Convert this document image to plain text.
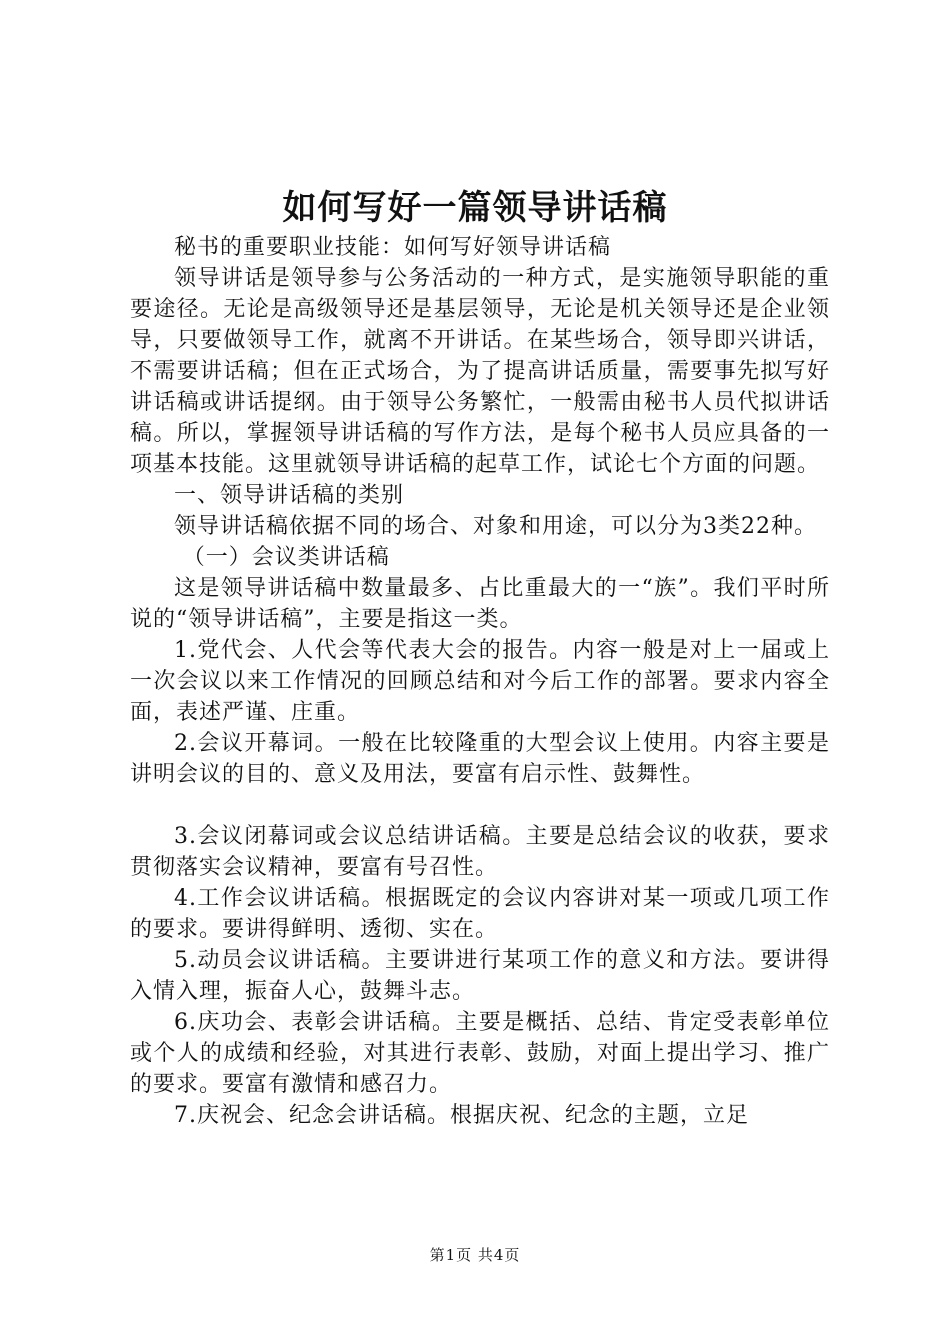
如何写好一篇领导讲话稿

秘书的重要职业技能：如何写好领导讲话稿

领导讲话是领导参与公务活动的一种方式，是实施领导职能的重要途径。无论是高级领导还是基层领导，无论是机关领导还是企业领导，只要做领导工作，就离不开讲话。在某些场合，领导即兴讲话，不需要讲话稿；但在正式场合，为了提高讲话质量，需要事先拟写好讲话稿或讲话提纲。由于领导公务繁忙，一般需由秘书人员代拟讲话稿。所以，掌握领导讲话稿的写作方法，是每个秘书人员应具备的一项基本技能。这里就领导讲话稿的起草工作，试论七个方面的问题。

一、领导讲话稿的类别

领导讲话稿依据不同的场合、对象和用途，可以分为3类22种。

（一）会议类讲话稿

这是领导讲话稿中数量最多、占比重最大的一“族”。我们平时所说的“领导讲话稿”，主要是指这一类。

1.党代会、人代会等代表大会的报告。内容一般是对上一届或上一次会议以来工作情况的回顾总结和对今后工作的部署。要求内容全面，表述严谨、庄重。

2.会议开幕词。一般在比较隆重的大型会议上使用。内容主要是讲明会议的目的、意义及用法，要富有启示性、鼓舞性。

3.会议闭幕词或会议总结讲话稿。主要是总结会议的收获，要求贯彻落实会议精神，要富有号召性。

4.工作会议讲话稿。根据既定的会议内容讲对某一项或几项工作的要求。要讲得鲜明、透彻、实在。

5.动员会议讲话稿。主要讲进行某项工作的意义和方法。要讲得入情入理，振奋人心，鼓舞斗志。

6.庆功会、表彰会讲话稿。主要是概括、总结、肯定受表彰单位或个人的成绩和经验，对其进行表彰、鼓励，对面上提出学习、推广的要求。要富有激情和感召力。

7.庆祝会、纪念会讲话稿。根据庆祝、纪念的主题，立足

第1页 共4页
